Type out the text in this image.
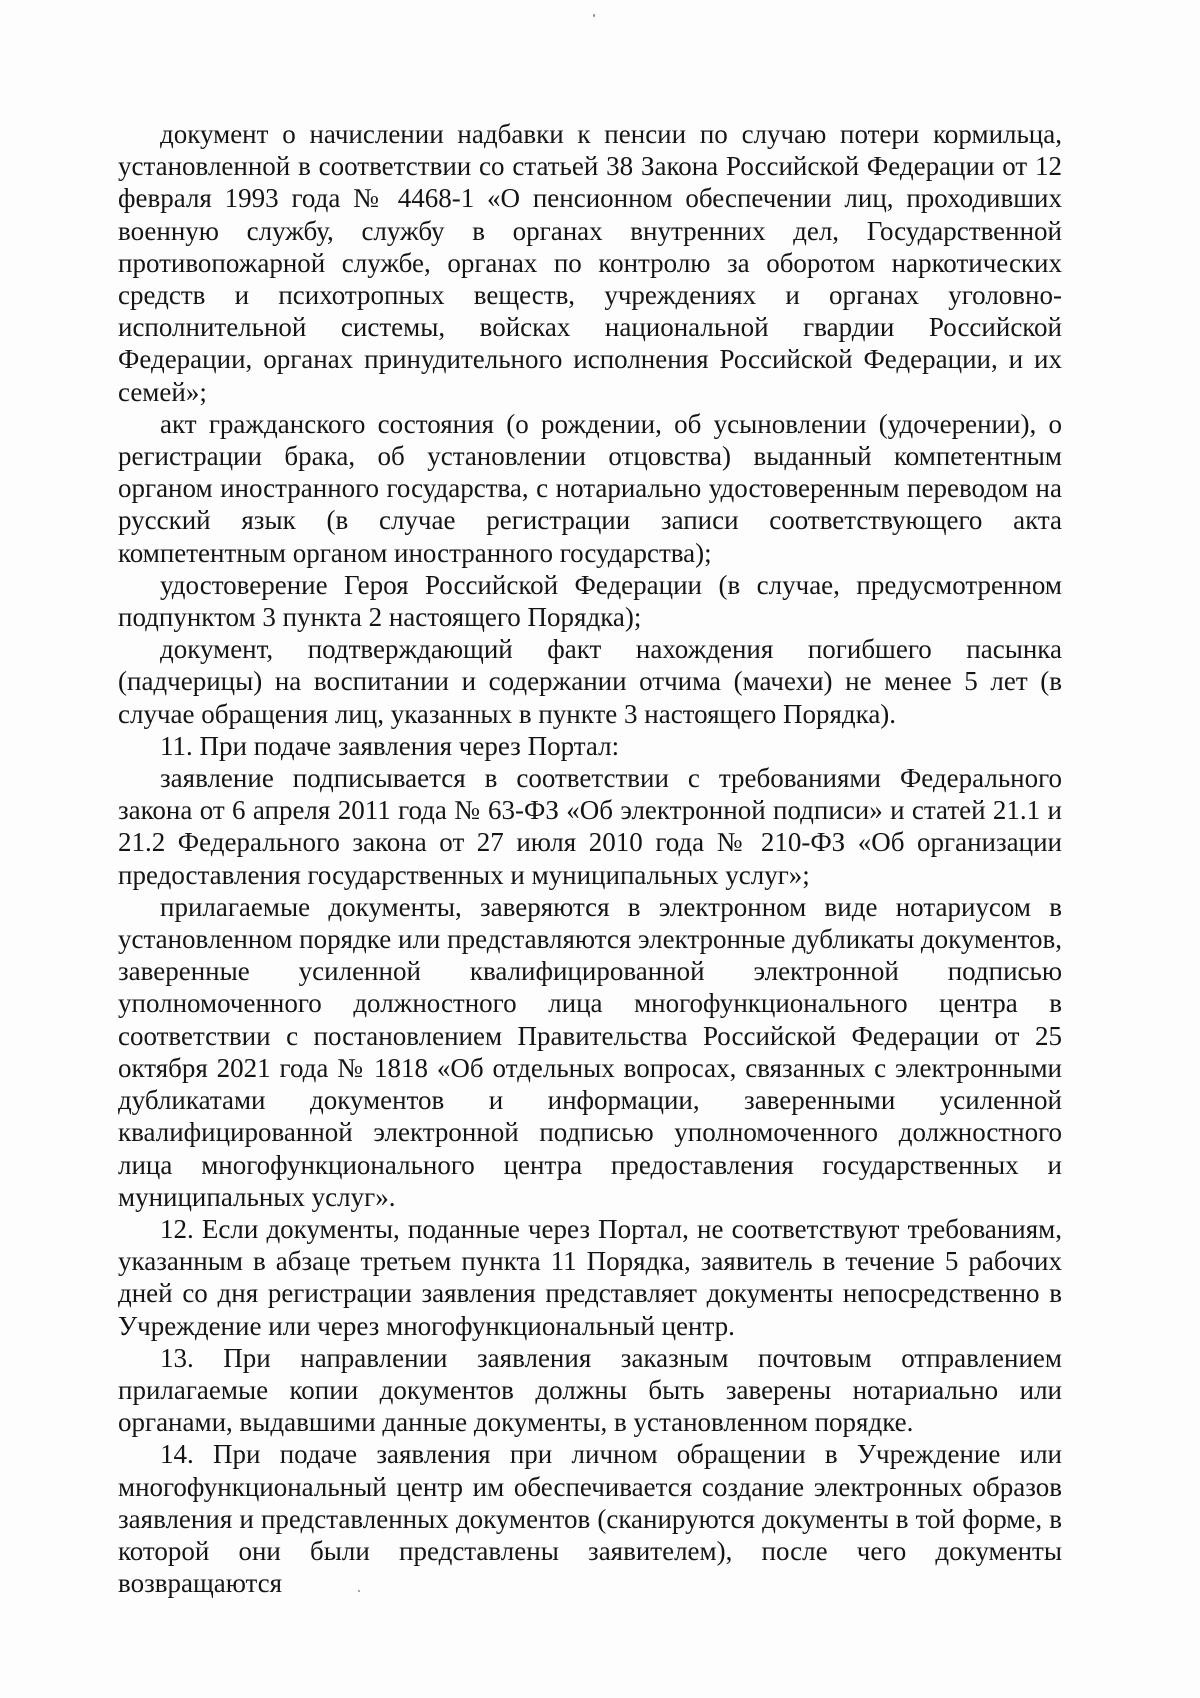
документ о начислении надбавки к пенсии по случаю потери кормильца, установленной в соответствии со статьей 38 Закона Российской Федерации от 12 февраля 1993 года № 4468-1 «О пенсионном обеспечении лиц, проходивших военную службу, службу в органах внутренних дел, Государственной противопожарной службе, органах по контролю за оборотом наркотических средств и психотропных веществ, учреждениях и органах уголовно-исполнительной системы, войсках национальной гвардии Российской Федерации, органах принудительного исполнения Российской Федерации, и их семей»;

акт гражданского состояния (о рождении, об усыновлении (удочерении), о регистрации брака, об установлении отцовства) выданный компетентным органом иностранного государства, с нотариально удостоверенным переводом на русский язык (в случае регистрации записи соответствующего акта компетентным органом иностранного государства);

удостоверение Героя Российской Федерации (в случае, предусмотренном подпунктом 3 пункта 2 настоящего Порядка);

документ, подтверждающий факт нахождения погибшего пасынка (падчерицы) на воспитании и содержании отчима (мачехи) не менее 5 лет (в случае обращения лиц, указанных в пункте 3 настоящего Порядка).

11. При подаче заявления через Портал:

заявление подписывается в соответствии с требованиями Федерального закона от 6 апреля 2011 года № 63-ФЗ «Об электронной подписи» и статей 21.1 и 21.2 Федерального закона от 27 июля 2010 года № 210-ФЗ «Об организации предоставления государственных и муниципальных услуг»;

прилагаемые документы, заверяются в электронном виде нотариусом в установленном порядке или представляются электронные дубликаты документов, заверенные усиленной квалифицированной электронной подписью уполномоченного должностного лица многофункционального центра в соответствии с постановлением Правительства Российской Федерации от 25 октября 2021 года № 1818 «Об отдельных вопросах, связанных с электронными дубликатами документов и информации, заверенными усиленной квалифицированной электронной подписью уполномоченного должностного лица многофункционального центра предоставления государственных и муниципальных услуг».

12. Если документы, поданные через Портал, не соответствуют требованиям, указанным в абзаце третьем пункта 11 Порядка, заявитель в течение 5 рабочих дней со дня регистрации заявления представляет документы непосредственно в Учреждение или через многофункциональный центр.

13. При направлении заявления заказным почтовым отправлением прилагаемые копии документов должны быть заверены нотариально или органами, выдавшими данные документы, в установленном порядке.

14. При подаче заявления при личном обращении в Учреждение или многофункциональный центр им обеспечивается создание электронных образов заявления и представленных документов (сканируются документы в той форме, в которой они были представлены заявителем), после чего документы возвращаются
